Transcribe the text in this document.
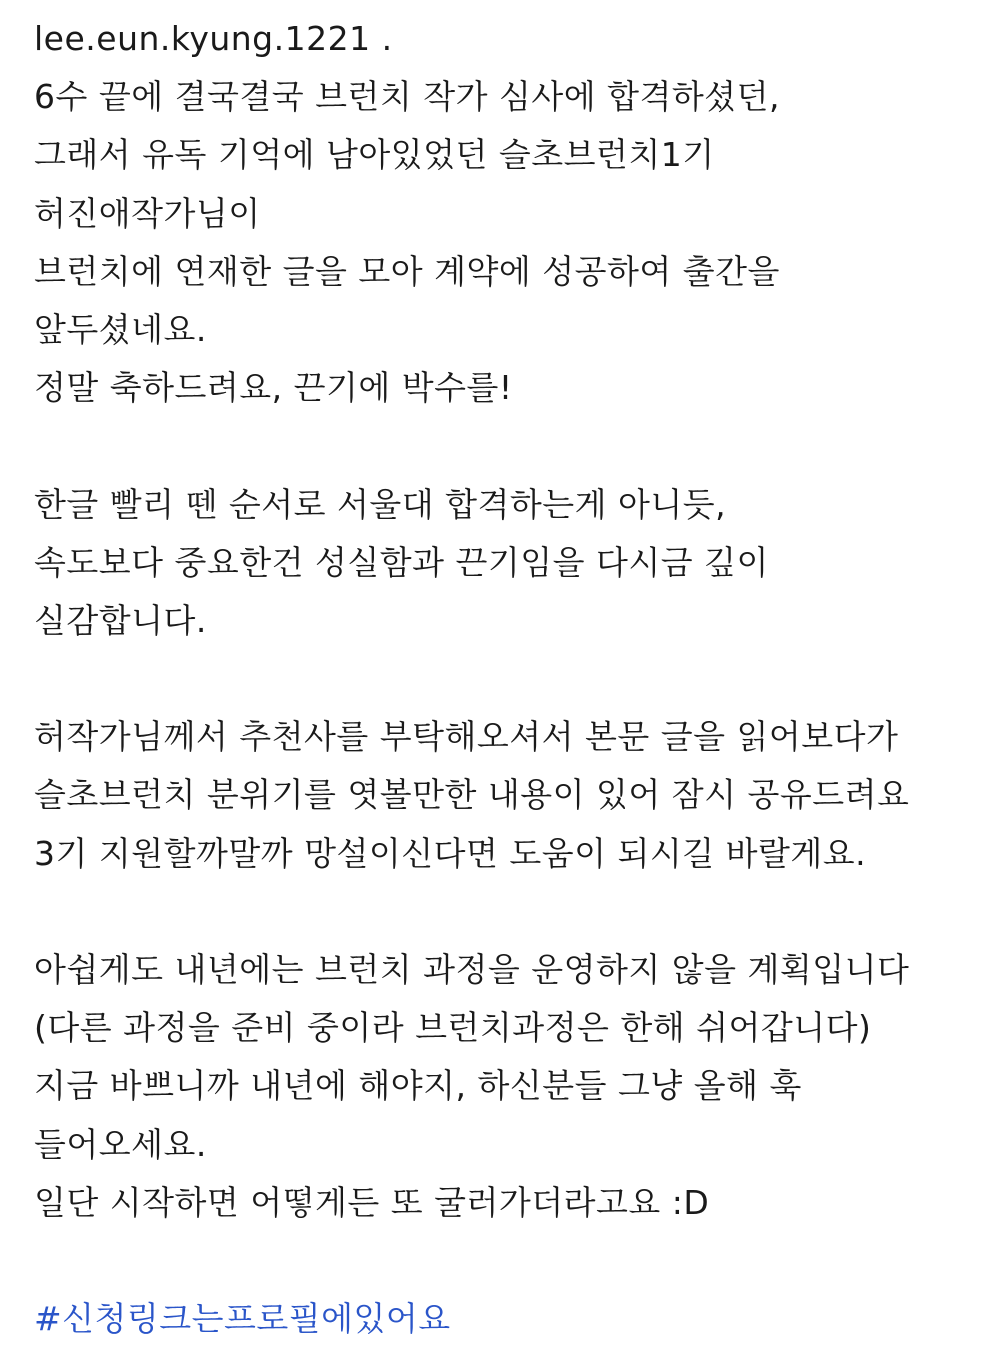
lee.eun.kyung.1221 .
6수 끝에 결국결국 브런치 작가 심사에 합격하셨던,
그래서 유독 기억에 남아있었던 슬초브런치1기
허진애작가님이
브런치에 연재한 글을 모아 계약에 성공하여 출간을
앞두셨네요.
정말 축하드려요, 끈기에 박수를!
한글 빨리 뗀 순서로 서울대 합격하는게 아니듯,
속도보다 중요한건 성실함과 끈기임을 다시금 깊이
실감합니다.
허작가님께서 추천사를 부탁해오셔서 본문 글을 읽어보다가
슬초브런치 분위기를 엿볼만한 내용이 있어 잠시 공유드려요
3기 지원할까말까 망설이신다면 도움이 되시길 바랄게요.
아쉽게도 내년에는 브런치 과정을 운영하지 않을 계획입니다
(다른 과정을 준비 중이라 브런치과정은 한해 쉬어갑니다)
지금 바쁘니까 내년에 해야지, 하신분들 그냥 올해 훅
들어오세요.
일단 시작하면 어떻게든 또 굴러가더라고요 :D
#신청링크는프로필에있어요
